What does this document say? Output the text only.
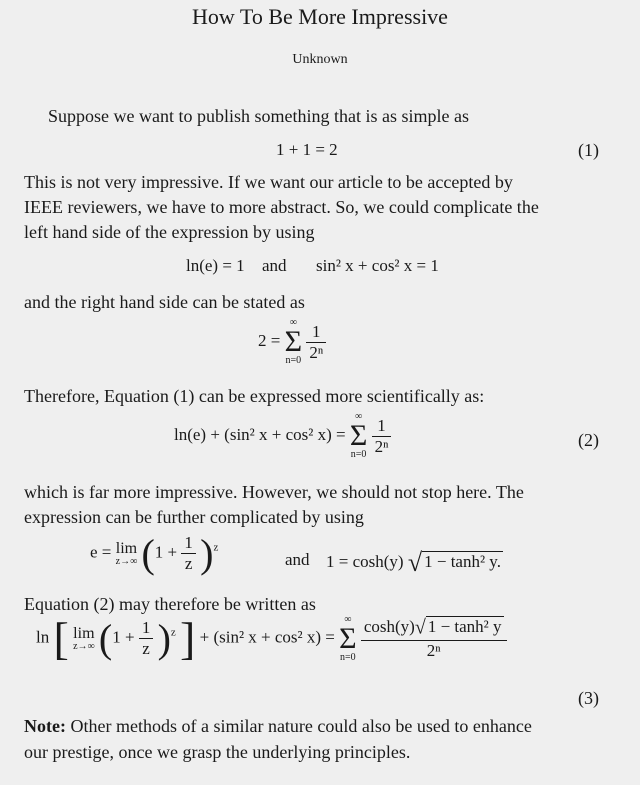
How To Be More Impressive
Unknown
Suppose we want to publish something that is as simple as
1 + 1 = 2	(1)
This is not very impressive. If we want our article to be accepted by
IEEE reviewers, we have to more abstract. So, we could complicate the
left hand side of the expression by using
ln(e) = 1 and sin² x + cos² x = 1
and the right hand side can be stated as
2 =
∞
Σ
n=0
$\frac{1}{\text{2ⁿ}}$
Therefore, Equation (1) can be expressed more scientifically as:
ln(e) + (sin² x + cos² x) =
∞
Σ
n=0
$\frac{1}{\text{2ⁿ}}$	(2)
which is far more impressive. However, we should not stop here. The
expression can be further complicated by using
e = lim
z→∞ $(1 + \frac{1}{z} )^z$
and 1 = cosh(y) √ 1 − tanh² y.
Equation (2) may therefore be written as
ln [ lim
z→∞ $(1 + \frac{1}{z} )^z$ ] + (sin² x + cos² x) =
∞
Σ
n=0
$\frac{\text{cosh(y)√ 1 − tanh² y}}{\text{2ⁿ}}$
(3)
Note: Other methods of a similar nature could also be used to enhance
our prestige, once we grasp the underlying principles.
